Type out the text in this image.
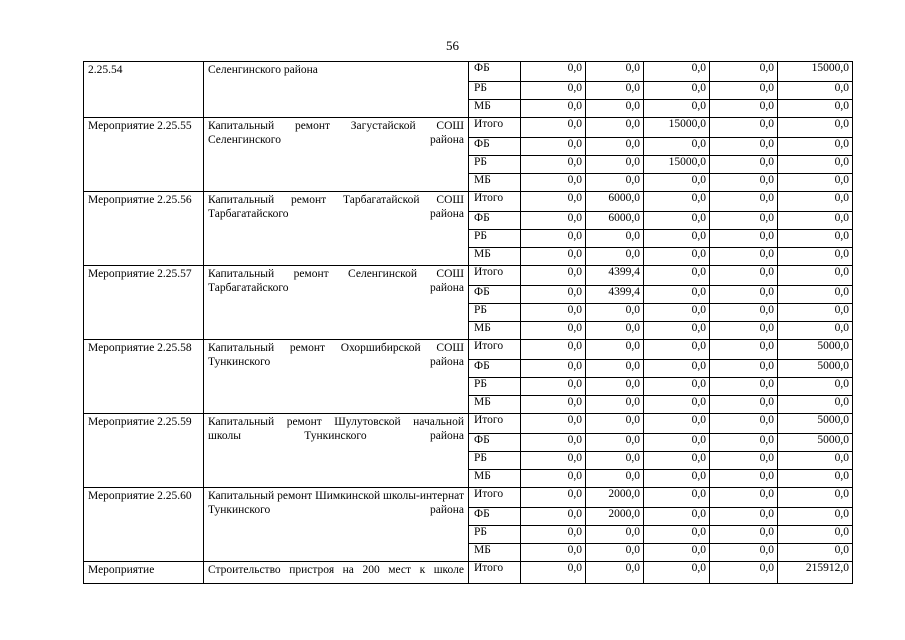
56
2.25.54	Селенгинского района	ФБ	0,0	0,0	0,0	0,0	15000,0
		РБ	0,0	0,0	0,0	0,0	0,0
		МБ	0,0	0,0	0,0	0,0	0,0
Мероприятие 2.25.55	Капитальный ремонт Загустайской СОШ Селенгинского района	Итого	0,0	0,0	15000,0	0,0	0,0
		ФБ	0,0	0,0	0,0	0,0	0,0
		РБ	0,0	0,0	15000,0	0,0	0,0
		МБ	0,0	0,0	0,0	0,0	0,0
Мероприятие 2.25.56	Капитальный ремонт Тарбагатайской СОШ Тарбагатайского района	Итого	0,0	6000,0	0,0	0,0	0,0
		ФБ	0,0	6000,0	0,0	0,0	0,0
		РБ	0,0	0,0	0,0	0,0	0,0
		МБ	0,0	0,0	0,0	0,0	0,0
Мероприятие 2.25.57	Капитальный ремонт Селенгинской СОШ Тарбагатайского района	Итого	0,0	4399,4	0,0	0,0	0,0
		ФБ	0,0	4399,4	0,0	0,0	0,0
		РБ	0,0	0,0	0,0	0,0	0,0
		МБ	0,0	0,0	0,0	0,0	0,0
Мероприятие 2.25.58	Капитальный ремонт Охоршибирской СОШ Тункинского района	Итого	0,0	0,0	0,0	0,0	5000,0
		ФБ	0,0	0,0	0,0	0,0	5000,0
		РБ	0,0	0,0	0,0	0,0	0,0
		МБ	0,0	0,0	0,0	0,0	0,0
Мероприятие 2.25.59	Капитальный ремонт Шулутовской начальной школы Тункинского района	Итого	0,0	0,0	0,0	0,0	5000,0
		ФБ	0,0	0,0	0,0	0,0	5000,0
		РБ	0,0	0,0	0,0	0,0	0,0
		МБ	0,0	0,0	0,0	0,0	0,0
Мероприятие 2.25.60	Капитальный ремонт Шимкинской школы-интернат Тункинского района	Итого	0,0	2000,0	0,0	0,0	0,0
		ФБ	0,0	2000,0	0,0	0,0	0,0
		РБ	0,0	0,0	0,0	0,0	0,0
		МБ	0,0	0,0	0,0	0,0	0,0
Мероприятие	Строительство пристроя на 200 мест к школе	Итого	0,0	0,0	0,0	0,0	215912,0
